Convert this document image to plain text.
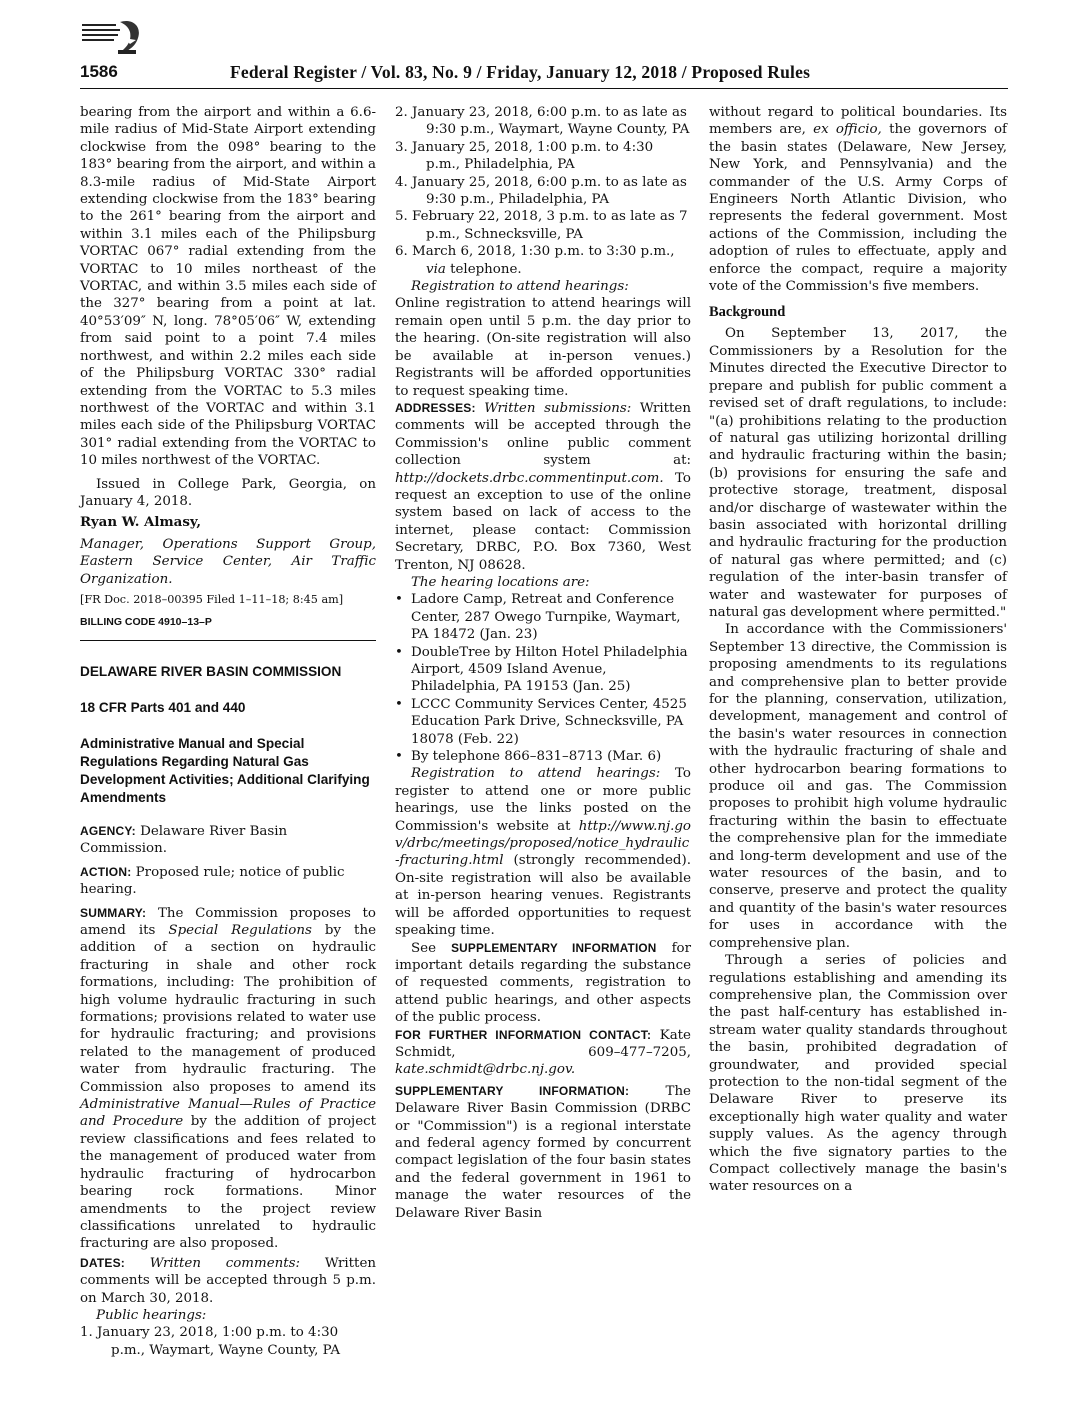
1586	Federal Register / Vol. 83, No. 9 / Friday, January 12, 2018 / Proposed Rules

bearing from the airport and within a 6.6-mile radius of Mid-State Airport extending clockwise from the 098° bearing to the 183° bearing from the airport, and within a 8.3-mile radius of Mid-State Airport extending clockwise from the 183° bearing to the 261° bearing from the airport and within 3.1 miles each of the Philipsburg VORTAC 067° radial extending from the VORTAC to 10 miles northeast of the VORTAC, and within 3.5 miles each side of the 327° bearing from a point at lat. 40°53′09″ N, long. 78°05′06″ W, extending from said point to a point 7.4 miles northwest, and within 2.2 miles each side of the Philipsburg VORTAC 330° radial extending from the VORTAC to 5.3 miles northwest of the VORTAC and within 3.1 miles each side of the Philipsburg VORTAC 301° radial extending from the VORTAC to 10 miles northwest of the VORTAC.

Issued in College Park, Georgia, on January 4, 2018.

Ryan W. Almasy,

Manager, Operations Support Group, Eastern Service Center, Air Traffic Organization.

[FR Doc. 2018–00395 Filed 1–11–18; 8:45 am]

BILLING CODE 4910–13–P

DELAWARE RIVER BASIN COMMISSION

18 CFR Parts 401 and 440

Administrative Manual and Special Regulations Regarding Natural Gas Development Activities; Additional Clarifying Amendments

AGENCY: Delaware River Basin Commission.

ACTION: Proposed rule; notice of public hearing.

SUMMARY: The Commission proposes to amend its Special Regulations by the addition of a section on hydraulic fracturing in shale and other rock formations, including: The prohibition of high volume hydraulic fracturing in such formations; provisions related to water use for hydraulic fracturing; and provisions related to the management of produced water from hydraulic fracturing. The Commission also proposes to amend its Administrative Manual—Rules of Practice and Procedure by the addition of project review classifications and fees related to the management of produced water from hydraulic fracturing of hydrocarbon bearing rock formations. Minor amendments to the project review classifications unrelated to hydraulic fracturing are also proposed.

DATES: Written comments: Written comments will be accepted through 5 p.m. on March 30, 2018.

Public hearings:

1. January 23, 2018, 1:00 p.m. to 4:30 p.m., Waymart, Wayne County, PA

2. January 23, 2018, 6:00 p.m. to as late as 9:30 p.m., Waymart, Wayne County, PA

3. January 25, 2018, 1:00 p.m. to 4:30 p.m., Philadelphia, PA

4. January 25, 2018, 6:00 p.m. to as late as 9:30 p.m., Philadelphia, PA

5. February 22, 2018, 3 p.m. to as late as 7 p.m., Schnecksville, PA

6. March 6, 2018, 1:30 p.m. to 3:30 p.m., via telephone.

Registration to attend hearings:

Online registration to attend hearings will remain open until 5 p.m. the day prior to the hearing. (On-site registration will also be available at in-person venues.) Registrants will be afforded opportunities to request speaking time.

ADDRESSES: Written submissions: Written comments will be accepted through the Commission's online public comment collection system at: http://dockets.drbc.commentinput.com. To request an exception to use of the online system based on lack of access to the internet, please contact: Commission Secretary, DRBC, P.O. Box 7360, West Trenton, NJ 08628.

The hearing locations are:

• Ladore Camp, Retreat and Conference Center, 287 Owego Turnpike, Waymart, PA 18472 (Jan. 23)
• DoubleTree by Hilton Hotel Philadelphia Airport, 4509 Island Avenue, Philadelphia, PA 19153 (Jan. 25)
• LCCC Community Services Center, 4525 Education Park Drive, Schnecksville, PA 18078 (Feb. 22)
• By telephone 866–831–8713 (Mar. 6)

Registration to attend hearings: To register to attend one or more public hearings, use the links posted on the Commission's website at http://www.nj.gov/drbc/meetings/proposed/notice_hydraulic-fracturing.html (strongly recommended). On-site registration will also be available at in-person hearing venues. Registrants will be afforded opportunities to request speaking time.

See SUPPLEMENTARY INFORMATION for important details regarding the substance of requested comments, registration to attend public hearings, and other aspects of the public process.

FOR FURTHER INFORMATION CONTACT: Kate Schmidt, 609–477–7205, kate.schmidt@drbc.nj.gov.

SUPPLEMENTARY INFORMATION: The Delaware River Basin Commission (DRBC or "Commission") is a regional interstate and federal agency formed by concurrent compact legislation of the four basin states and the federal government in 1961 to manage the water resources of the Delaware River Basin

without regard to political boundaries. Its members are, ex officio, the governors of the basin states (Delaware, New Jersey, New York, and Pennsylvania) and the commander of the U.S. Army Corps of Engineers North Atlantic Division, who represents the federal government. Most actions of the Commission, including the adoption of rules to effectuate, apply and enforce the compact, require a majority vote of the Commission's five members.

Background

On September 13, 2017, the Commissioners by a Resolution for the Minutes directed the Executive Director to prepare and publish for public comment a revised set of draft regulations, to include: "(a) prohibitions relating to the production of natural gas utilizing horizontal drilling and hydraulic fracturing within the basin; (b) provisions for ensuring the safe and protective storage, treatment, disposal and/or discharge of wastewater within the basin associated with horizontal drilling and hydraulic fracturing for the production of natural gas where permitted; and (c) regulation of the inter-basin transfer of water and wastewater for purposes of natural gas development where permitted."

In accordance with the Commissioners' September 13 directive, the Commission is proposing amendments to its regulations and comprehensive plan to better provide for the planning, conservation, utilization, development, management and control of the basin's water resources in connection with the hydraulic fracturing of shale and other hydrocarbon bearing formations to produce oil and gas. The Commission proposes to prohibit high volume hydraulic fracturing within the basin to effectuate the comprehensive plan for the immediate and long-term development and use of the water resources of the basin, and to conserve, preserve and protect the quality and quantity of the basin's water resources for uses in accordance with the comprehensive plan.

Through a series of policies and regulations establishing and amending its comprehensive plan, the Commission over the past half-century has established in-stream water quality standards throughout the basin, prohibited degradation of groundwater, and provided special protection to the non-tidal segment of the Delaware River to preserve its exceptionally high water quality and water supply values. As the agency through which the five signatory parties to the Compact collectively manage the basin's water resources on a
